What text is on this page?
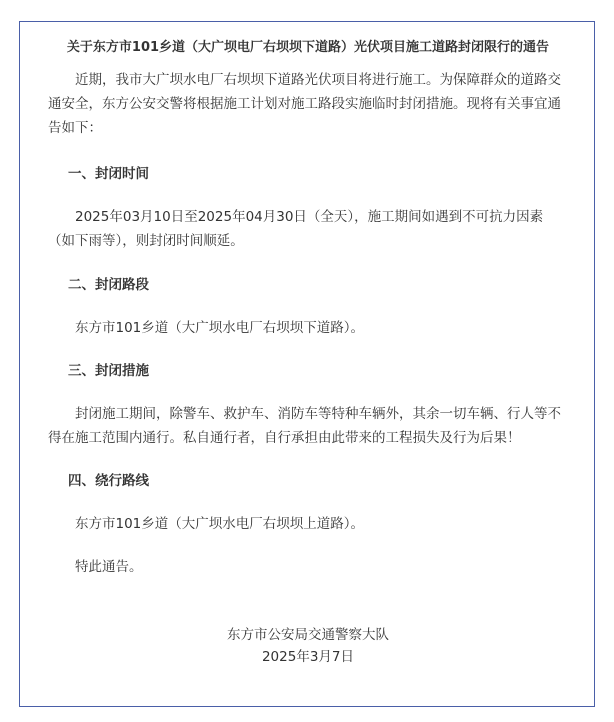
关于东方市101乡道（大广坝电厂右坝坝下道路）光伏项目施工道路封闭限行的通告
近期，我市大广坝水电厂右坝坝下道路光伏项目将进行施工。为保障群众的道路交通安全，东方公安交警将根据施工计划对施工路段实施临时封闭措施。现将有关事宜通告如下：
一、封闭时间
2025年03月10日至2025年04月30日（全天），施工期间如遇到不可抗力因素（如下雨等），则封闭时间顺延。
二、封闭路段
东方市101乡道（大广坝水电厂右坝坝下道路）。
三、封闭措施
封闭施工期间，除警车、救护车、消防车等特种车辆外，其余一切车辆、行人等不得在施工范围内通行。私自通行者，自行承担由此带来的工程损失及行为后果！
四、绕行路线
东方市101乡道（大广坝水电厂右坝坝上道路）。
特此通告。
东方市公安局交通警察大队
2025年3月7日
